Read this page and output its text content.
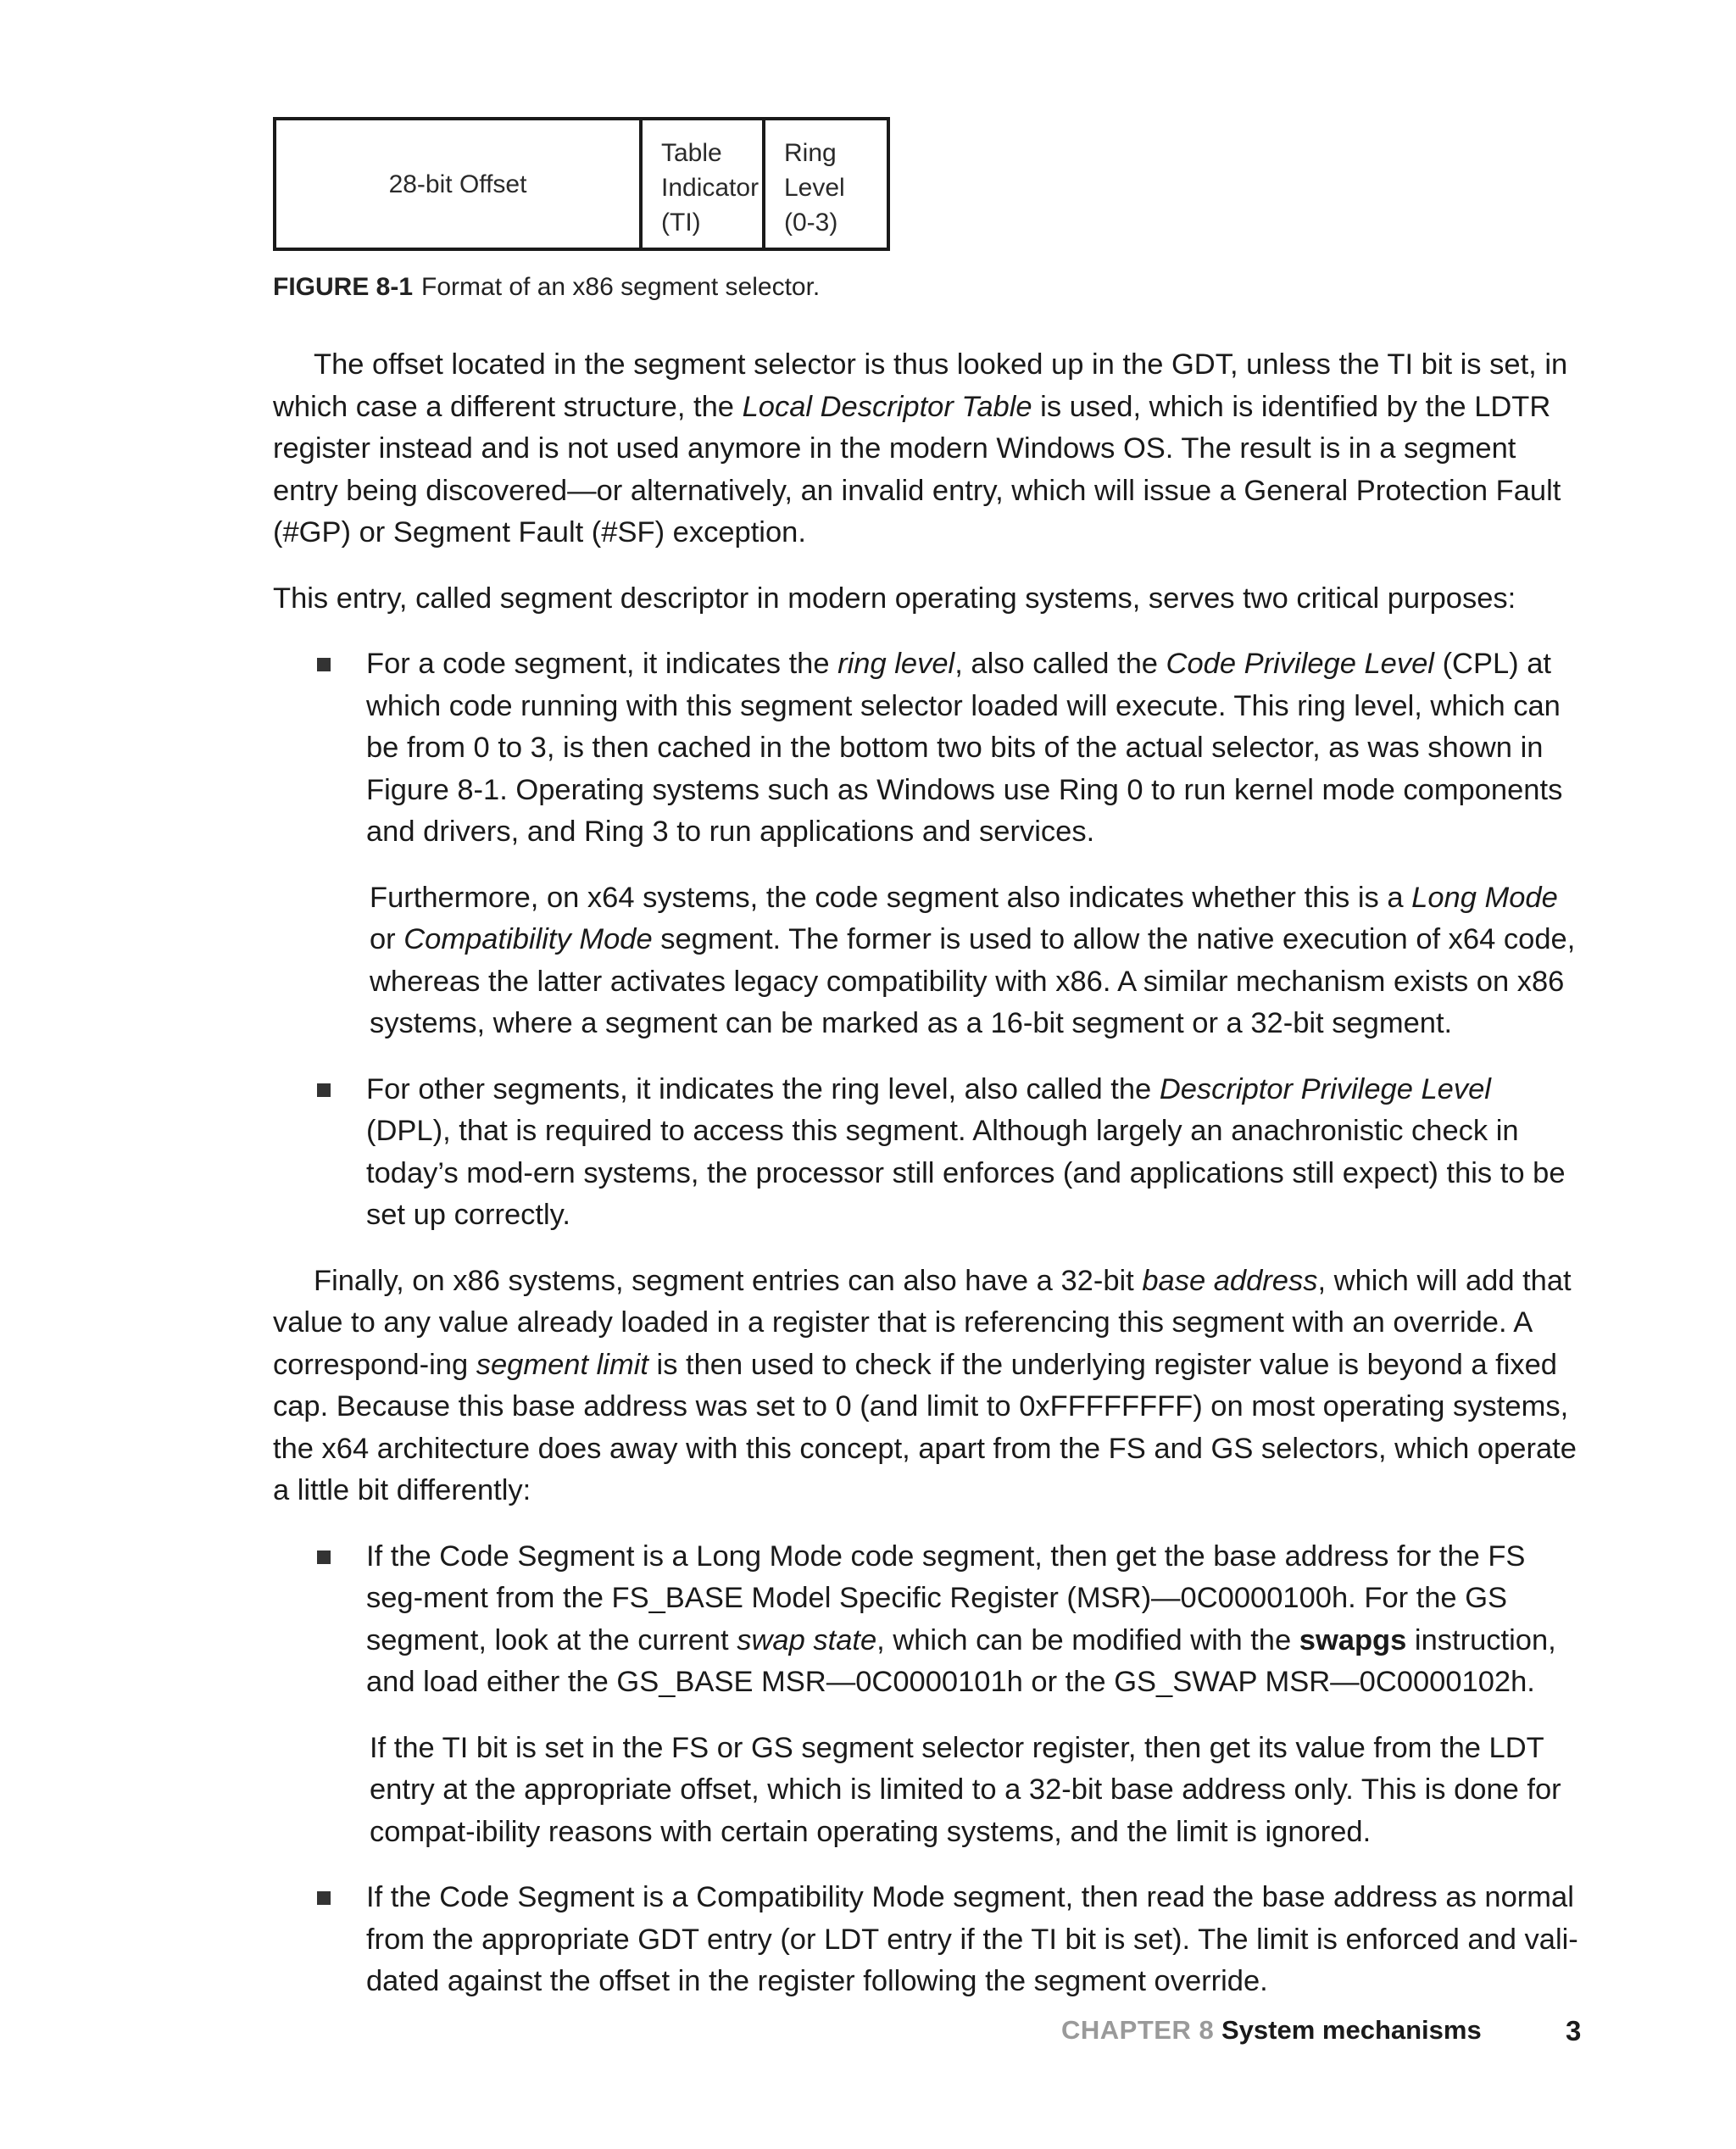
28-bit Offset
Table
Indicator
(TI)
Ring
Level
(0-3)
FIGURE 8-1 Format of an x86 segment selector.

The offset located in the segment selector is thus looked up in the GDT, unless the TI bit is set, in which case a different structure, the Local Descriptor Table is used, which is identified by the LDTR register instead and is not used anymore in the modern Windows OS. The result is in a segment entry being discovered—or alternatively, an invalid entry, which will issue a General Protection Fault (#GP) or Segment Fault (#SF) exception.

This entry, called segment descriptor in modern operating systems, serves two critical purposes:

For a code segment, it indicates the ring level, also called the Code Privilege Level (CPL) at which code running with this segment selector loaded will execute. This ring level, which can be from 0 to 3, is then cached in the bottom two bits of the actual selector, as was shown in Figure 8-1. Operating systems such as Windows use Ring 0 to run kernel mode components and drivers, and Ring 3 to run applications and services.
Furthermore, on x64 systems, the code segment also indicates whether this is a Long Mode or Compatibility Mode segment. The former is used to allow the native execution of x64 code, whereas the latter activates legacy compatibility with x86. A similar mechanism exists on x86 systems, where a segment can be marked as a 16-bit segment or a 32-bit segment.
For other segments, it indicates the ring level, also called the Descriptor Privilege Level (DPL), that is required to access this segment. Although largely an anachronistic check in today’s mod-ern systems, the processor still enforces (and applications still expect) this to be set up correctly.

Finally, on x86 systems, segment entries can also have a 32-bit base address, which will add that value to any value already loaded in a register that is referencing this segment with an override. A correspond-ing segment limit is then used to check if the underlying register value is beyond a fixed cap. Because this base address was set to 0 (and limit to 0xFFFFFFFF) on most operating systems, the x64 architecture does away with this concept, apart from the FS and GS selectors, which operate a little bit differently:

If the Code Segment is a Long Mode code segment, then get the base address for the FS seg-ment from the FS_BASE Model Specific Register (MSR)—0C0000100h. For the GS segment, look at the current swap state, which can be modified with the swapgs instruction, and load either the GS_BASE MSR—0C0000101h or the GS_SWAP MSR—0C0000102h.
If the TI bit is set in the FS or GS segment selector register, then get its value from the LDT entry at the appropriate offset, which is limited to a 32-bit base address only. This is done for compat-ibility reasons with certain operating systems, and the limit is ignored.
If the Code Segment is a Compatibility Mode segment, then read the base address as normal from the appropriate GDT entry (or LDT entry if the TI bit is set). The limit is enforced and vali-dated against the offset in the register following the segment override.
CHAPTER 8 System mechanisms	3
